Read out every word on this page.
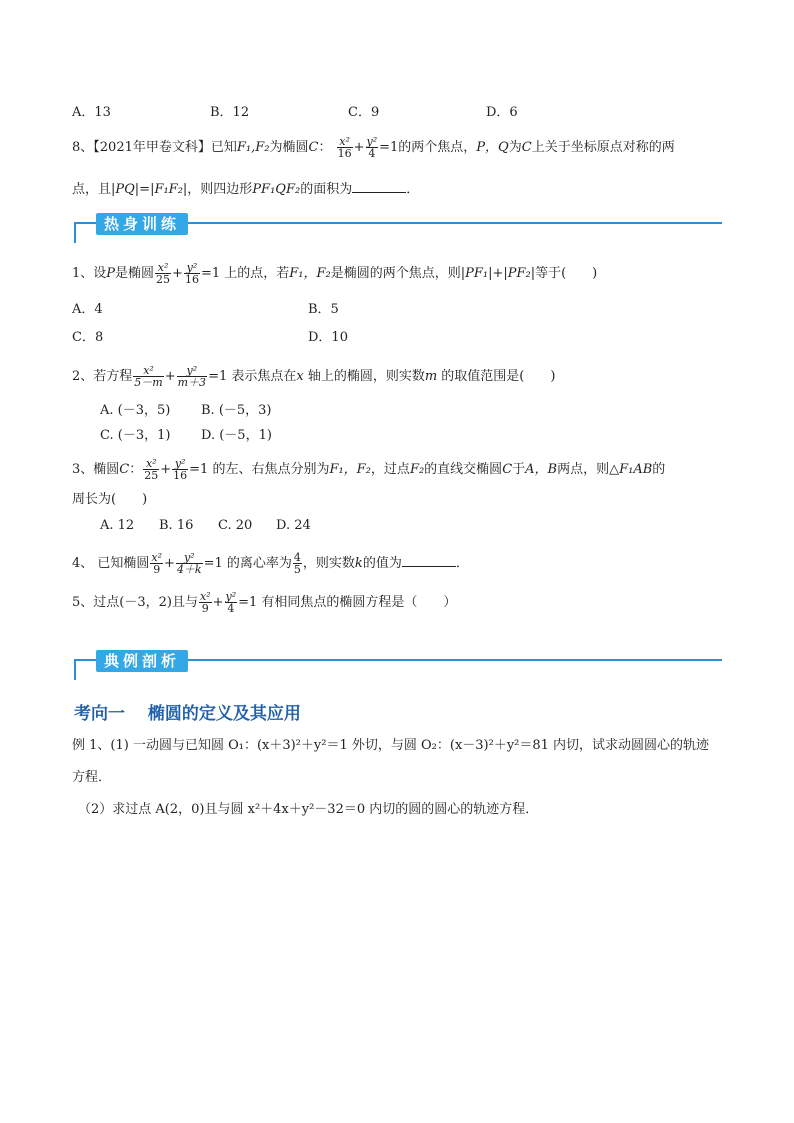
A．13	B．12	C．9	D．6
8、【2021年甲卷文科】已知F₁,F₂为椭圆C： $\frac{\text{x²}}{16} + \frac{\text{y²}}{4} =1$的两个焦点，P，Q为C上关于坐标原点对称的两
点，且|PQ|=|F₁F₂|，则四边形PF₁QF₂的面积为	．
热身训练
1、设P是椭圆 $\frac{\text{x²}}{25} + \frac{\text{y²}}{16} =1$ 上的点，若F₁，F₂是椭圆的两个焦点，则|PF₁|+|PF₂|等于(　　)
A．4	B．5
C．8	D．10
2、若方程 $\frac{\text{x²}}{5-m} + \frac{\text{y²}}{m+3} =1$ 表示焦点在x 轴上的椭圆，则实数m 的取值范围是(　　)
A. (－3，5) B. (－5，3)
C. (－3，1) D. (－5，1)
3、椭圆C： $\frac{\text{x²}}{25} + \frac{\text{y²}}{16} =1$ 的左、右焦点分别为F₁，F₂，过点F₂的直线交椭圆C于A，B两点，则△F₁AB的
周长为(　　)
A. 12 B. 16 C. 20 D. 24
4、 已知椭圆 $\frac{\text{x²}}{9} + \frac{\text{y²}}{4+k} =1$ 的离心率为 $\frac{4}{5}$ ，则实数k的值为	．
5、过点(－3，2)且与 $\frac{\text{x²}}{9} + \frac{\text{y²}}{4} =1$ 有相同焦点的椭圆方程是（　　）
典例剖析
考向一　 椭圆的定义及其应用
例 1、(1) 一动圆与已知圆 O₁：(x＋3)²＋y²＝1 外切，与圆 O₂：(x－3)²＋y²＝81 内切，试求动圆圆心的轨迹
方程．
（2）求过点 A(2，0)且与圆 x²＋4x＋y²－32＝0 内切的圆的圆心的轨迹方程．
